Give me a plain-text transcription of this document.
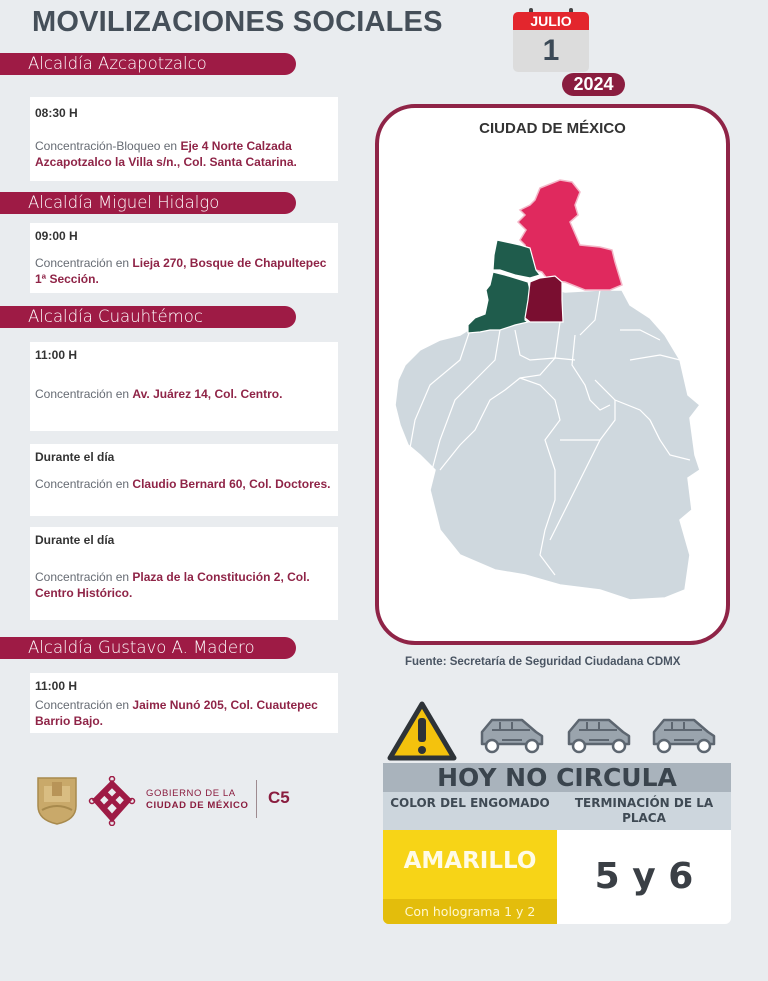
MOVILIZACIONES SOCIALES	JULIO
1
2024
Alcaldía Azcapotzalco
08:30 H
Concentración-Bloqueo en Eje 4 Norte Calzada Azcapotzalco la Villa s/n., Col. Santa Catarina.
Alcaldía Miguel Hidalgo
09:00 H
Concentración en Lieja 270, Bosque de Chapultepec 1ª Sección.
Alcaldía Cuauhtémoc
11:00 H
Concentración en Av. Juárez 14, Col. Centro.
Durante el día
Concentración en Claudio Bernard 60, Col. Doctores.
Durante el día
Concentración en Plaza de la Constitución 2, Col. Centro Histórico.
Alcaldía Gustavo A. Madero
11:00 H
Concentración en Jaime Nunó 205, Col. Cuautepec Barrio Bajo.
GOBIERNO DE LA
CIUDAD DE MÉXICO C5
CIUDAD DE MÉXICO
Fuente: Secretaría de Seguridad Ciudadana CDMX
HOY NO CIRCULA
COLOR DEL ENGOMADO	TERMINACIÓN DE LA PLACA
AMARILLO
Con holograma 1 y 2
5 y 6
